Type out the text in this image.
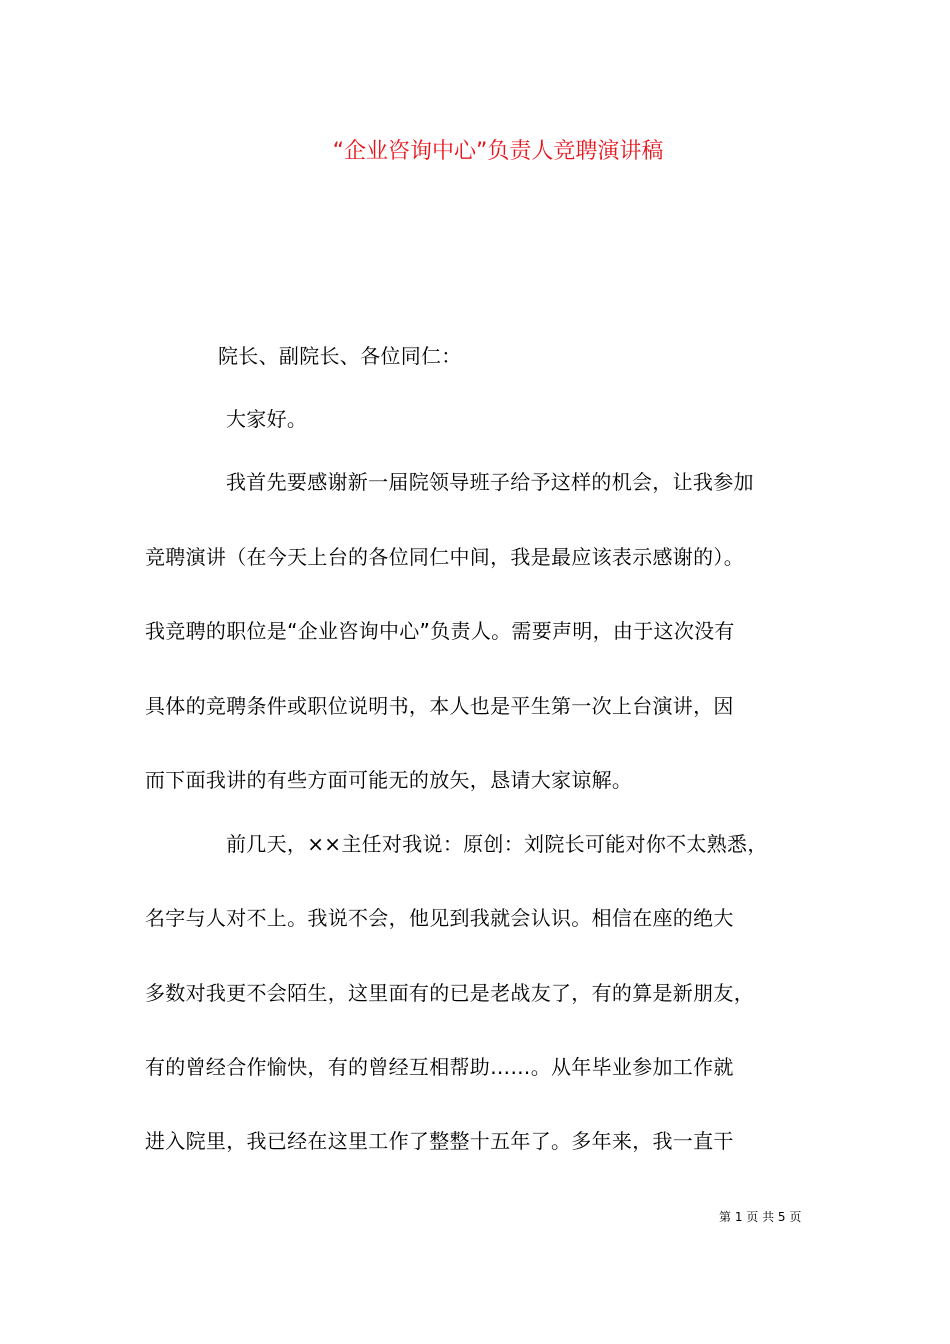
“企业咨询中心”负责人竞聘演讲稿
院长、副院长、各位同仁：
大家好。
我首先要感谢新一届院领导班子给予这样的机会，让我参加
竞聘演讲（在今天上台的各位同仁中间，我是最应该表示感谢的）。
我竞聘的职位是“企业咨询中心”负责人。需要声明，由于这次没有
具体的竞聘条件或职位说明书，本人也是平生第一次上台演讲，因
而下面我讲的有些方面可能无的放矢，恳请大家谅解。
前几天，××主任对我说：原创：刘院长可能对你不太熟悉，
名字与人对不上。我说不会，他见到我就会认识。相信在座的绝大
多数对我更不会陌生，这里面有的已是老战友了，有的算是新朋友，
有的曾经合作愉快，有的曾经互相帮助……。从年毕业参加工作就
进入院里，我已经在这里工作了整整十五年了。多年来，我一直干
第 1 页 共 5 页
